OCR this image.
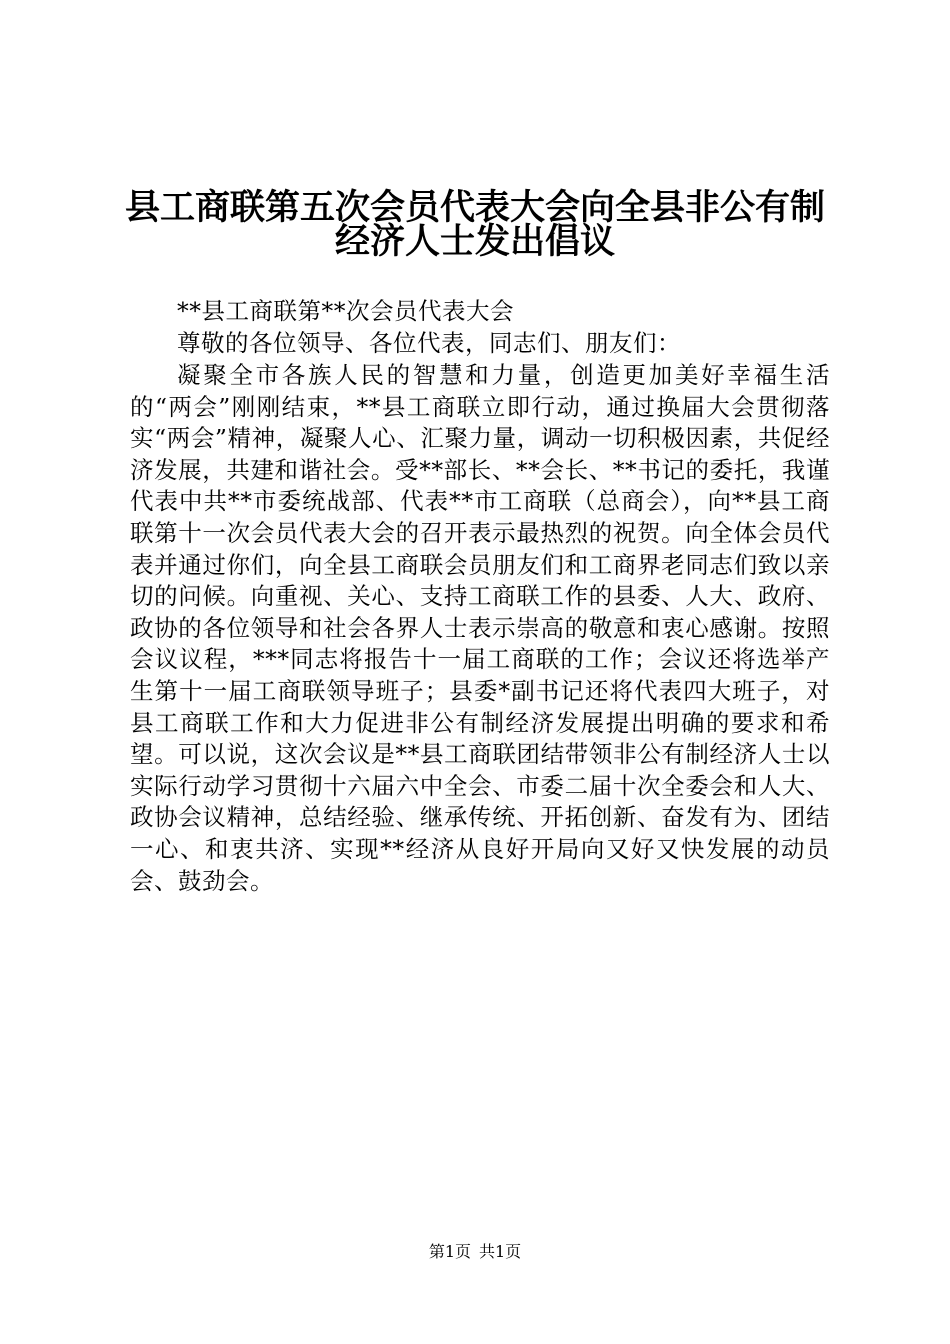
县工商联第五次会员代表大会向全县非公有制
经济人士发出倡议

**县工商联第**次会员代表大会

尊敬的各位领导、各位代表，同志们、朋友们：

凝聚全市各族人民的智慧和力量，创造更加美好幸福生活的“两会”刚刚结束，**县工商联立即行动，通过换届大会贯彻落实“两会”精神，凝聚人心、汇聚力量，调动一切积极因素，共促经济发展，共建和谐社会。受**部长、**会长、**书记的委托，我谨代表中共**市委统战部、代表**市工商联（总商会），向**县工商联第十一次会员代表大会的召开表示最热烈的祝贺。向全体会员代表并通过你们，向全县工商联会员朋友们和工商界老同志们致以亲切的问候。向重视、关心、支持工商联工作的县委、人大、政府、政协的各位领导和社会各界人士表示崇高的敬意和衷心感谢。按照会议议程，***同志将报告十一届工商联的工作；会议还将选举产生第十一届工商联领导班子；县委*副书记还将代表四大班子，对县工商联工作和大力促进非公有制经济发展提出明确的要求和希望。可以说，这次会议是**县工商联团结带领非公有制经济人士以实际行动学习贯彻十六届六中全会、市委二届十次全委会和人大、政协会议精神，总结经验、继承传统、开拓创新、奋发有为、团结一心、和衷共济、实现**经济从良好开局向又好又快发展的动员会、鼓劲会。

第1页 共1页
